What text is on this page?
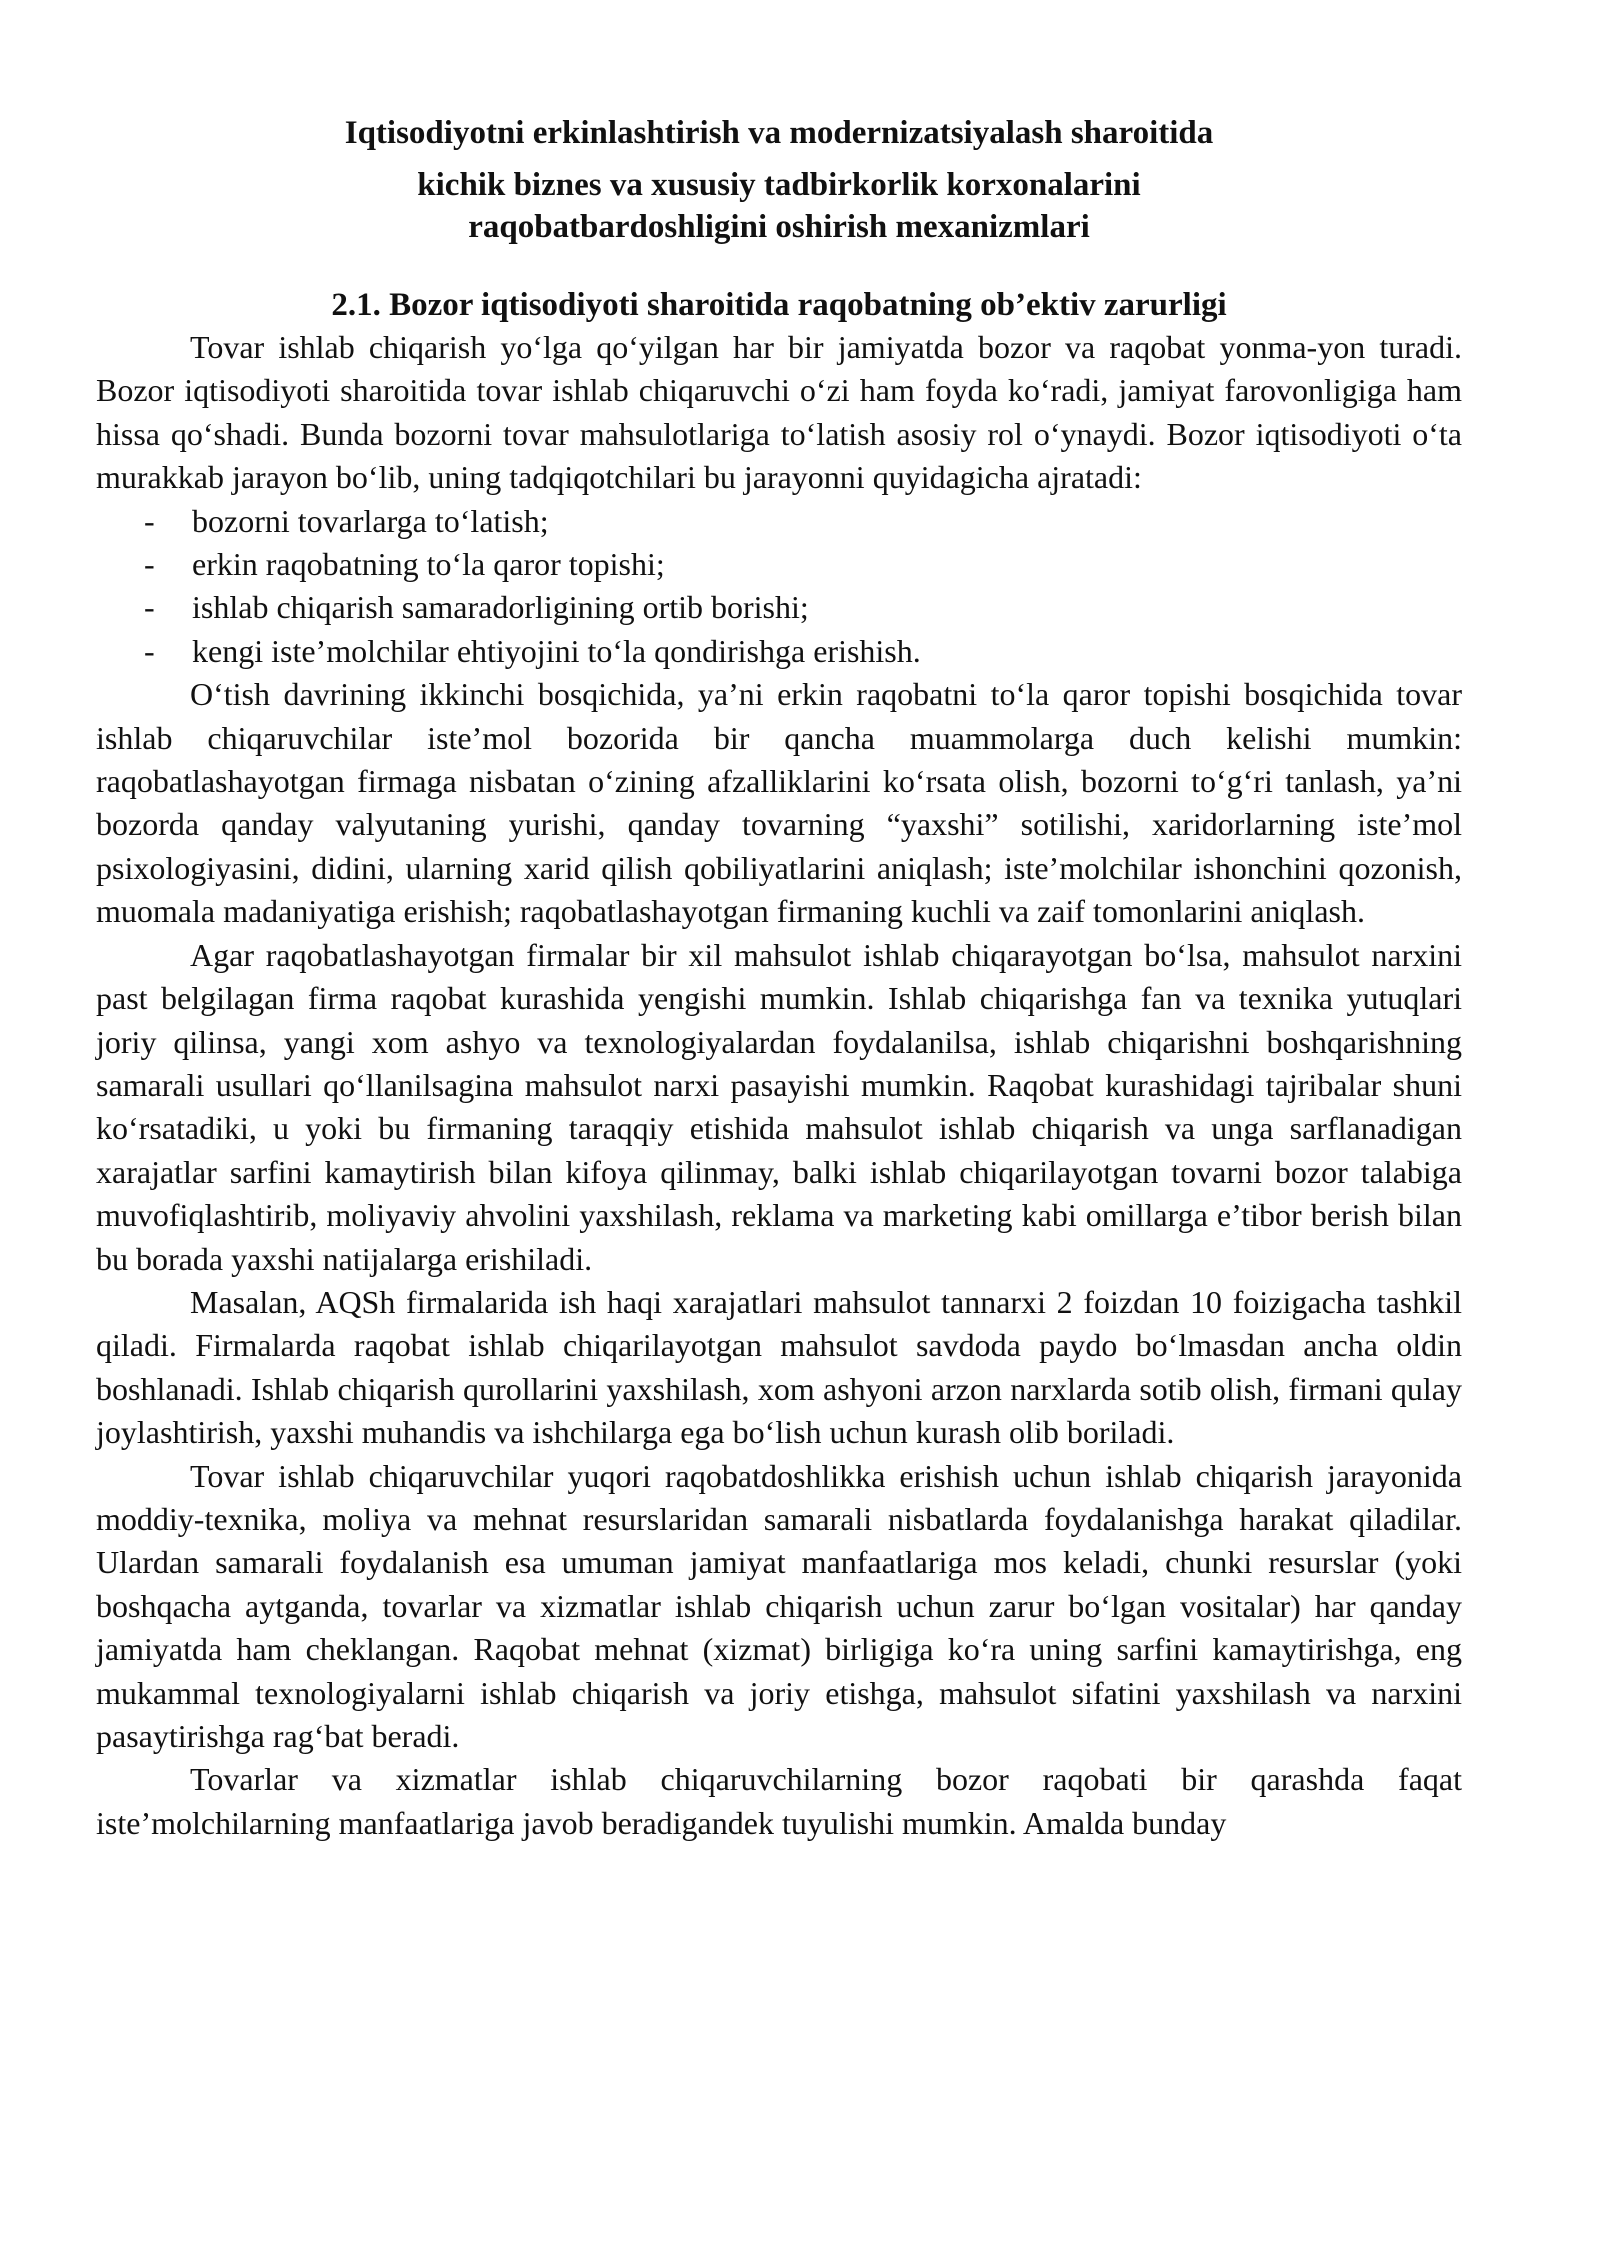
Iqtisodiyotni erkinlashtirish va modernizatsiyalash sharoitida
kichik biznes va xususiy tadbirkorlik korxonalarini
raqobatbardoshligini oshirish mexanizmlari
2.1. Bozor iqtisodiyoti sharoitida raqobatning ob’ektiv zarurligi

Tovar ishlab chiqarish yo‘lga qo‘yilgan har bir jamiyatda bozor va raqobat yonma-yon turadi. Bozor iqtisodiyoti sharoitida tovar ishlab chiqaruvchi o‘zi ham foyda ko‘radi, jamiyat farovonligiga ham hissa qo‘shadi. Bunda bozorni tovar mahsulotlariga to‘latish asosiy rol o‘ynaydi. Bozor iqtisodiyoti o‘ta murakkab jarayon bo‘lib, uning tadqiqotchilari bu jarayonni quyidagicha ajratadi:

- bozorni tovarlarga to‘latish;
- erkin raqobatning to‘la qaror topishi;
- ishlab chiqarish samaradorligining ortib borishi;
- kengi iste’molchilar ehtiyojini to‘la qondirishga erishish.

O‘tish davrining ikkinchi bosqichida, ya’ni erkin raqobatni to‘la qaror topishi bosqichida tovar ishlab chiqaruvchilar iste’mol bozorida bir qancha muammolarga duch kelishi mumkin: raqobatlashayotgan firmaga nisbatan o‘zining afzalliklarini ko‘rsata olish, bozorni to‘g‘ri tanlash, ya’ni bozorda qanday valyutaning yurishi, qanday tovarning “yaxshi” sotilishi, xaridorlarning iste’mol psixologiyasini, didini, ularning xarid qilish qobiliyatlarini aniqlash; iste’molchilar ishonchini qozonish, muomala madaniyatiga erishish; raqobatlashayotgan firmaning kuchli va zaif tomonlarini aniqlash.

Agar raqobatlashayotgan firmalar bir xil mahsulot ishlab chiqarayotgan bo‘lsa, mahsulot narxini past belgilagan firma raqobat kurashida yengishi mumkin. Ishlab chiqarishga fan va texnika yutuqlari joriy qilinsa, yangi xom ashyo va texnologiyalardan foydalanilsa, ishlab chiqarishni boshqarishning samarali usullari qo‘llanilsagina mahsulot narxi pasayishi mumkin. Raqobat kurashidagi tajribalar shuni ko‘rsatadiki, u yoki bu firmaning taraqqiy etishida mahsulot ishlab chiqarish va unga sarflanadigan xarajatlar sarfini kamaytirish bilan kifoya qilinmay, balki ishlab chiqarilayotgan tovarni bozor talabiga muvofiqlashtirib, moliyaviy ahvolini yaxshilash, reklama va marketing kabi omillarga e’tibor berish bilan bu borada yaxshi natijalarga erishiladi.

Masalan, AQSh firmalarida ish haqi xarajatlari mahsulot tannarxi 2 foizdan 10 foizigacha tashkil qiladi. Firmalarda raqobat ishlab chiqarilayotgan mahsulot savdoda paydo bo‘lmasdan ancha oldin boshlanadi. Ishlab chiqarish qurollarini yaxshilash, xom ashyoni arzon narxlarda sotib olish, firmani qulay joylashtirish, yaxshi muhandis va ishchilarga ega bo‘lish uchun kurash olib boriladi.

Tovar ishlab chiqaruvchilar yuqori raqobatdoshlikka erishish uchun ishlab chiqarish jarayonida moddiy-texnika, moliya va mehnat resurslaridan samarali nisbatlarda foydalanishga harakat qiladilar. Ulardan samarali foydalanish esa umuman jamiyat manfaatlariga mos keladi, chunki resurslar (yoki boshqacha aytganda, tovarlar va xizmatlar ishlab chiqarish uchun zarur bo‘lgan vositalar) har qanday jamiyatda ham cheklangan. Raqobat mehnat (xizmat) birligiga ko‘ra uning sarfini kamaytirishga, eng mukammal texnologiyalarni ishlab chiqarish va joriy etishga, mahsulot sifatini yaxshilash va narxini pasaytirishga rag‘bat beradi.

Tovarlar va xizmatlar ishlab chiqaruvchilarning bozor raqobati bir qarashda faqat iste’molchilarning manfaatlariga javob beradigandek tuyulishi mumkin. Amalda bunday
